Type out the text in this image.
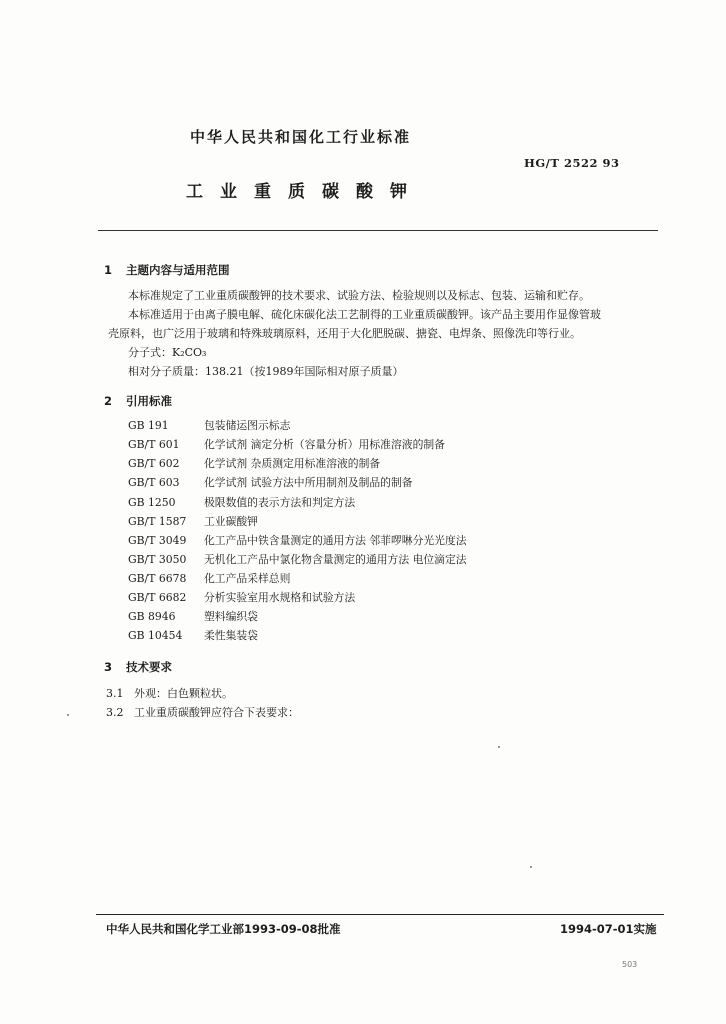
中华人民共和国化工行业标准
HG/T 2522 93
工业重质碳酸钾
1 主题内容与适用范围
本标准规定了工业重质碳酸钾的技术要求、试验方法、检验规则以及标志、包装、运输和贮存。
本标准适用于由离子膜电解、硫化床碳化法工艺制得的工业重质碳酸钾。该产品主要用作显像管玻
壳原料，也广泛用于玻璃和特殊玻璃原料，还用于大化肥脱碳、搪瓷、电焊条、照像洗印等行业。
分子式：K₂CO₃
相对分子质量：138.21（按1989年国际相对原子质量）
2 引用标准
GB 191	包装储运图示标志
GB/T 601 化学试剂 滴定分析（容量分析）用标准溶液的制备
GB/T 602 化学试剂 杂质测定用标准溶液的制备
GB/T 603 化学试剂 试验方法中所用制剂及制品的制备
GB 1250	极限数值的表示方法和判定方法
GB/T 1587 工业碳酸钾
GB/T 3049 化工产品中铁含量测定的通用方法 邻菲啰啉分光光度法
GB/T 3050 无机化工产品中氯化物含量测定的通用方法 电位滴定法
GB/T 6678 化工产品采样总则
GB/T 6682 分析实验室用水规格和试验方法
GB 8946	塑料编织袋
GB 10454 柔性集装袋
3 技术要求
3.1 外观：白色颗粒状。
3.2 工业重质碳酸钾应符合下表要求：
中华人民共和国化学工业部1993-09-08批准	1994-07-01实施
503
